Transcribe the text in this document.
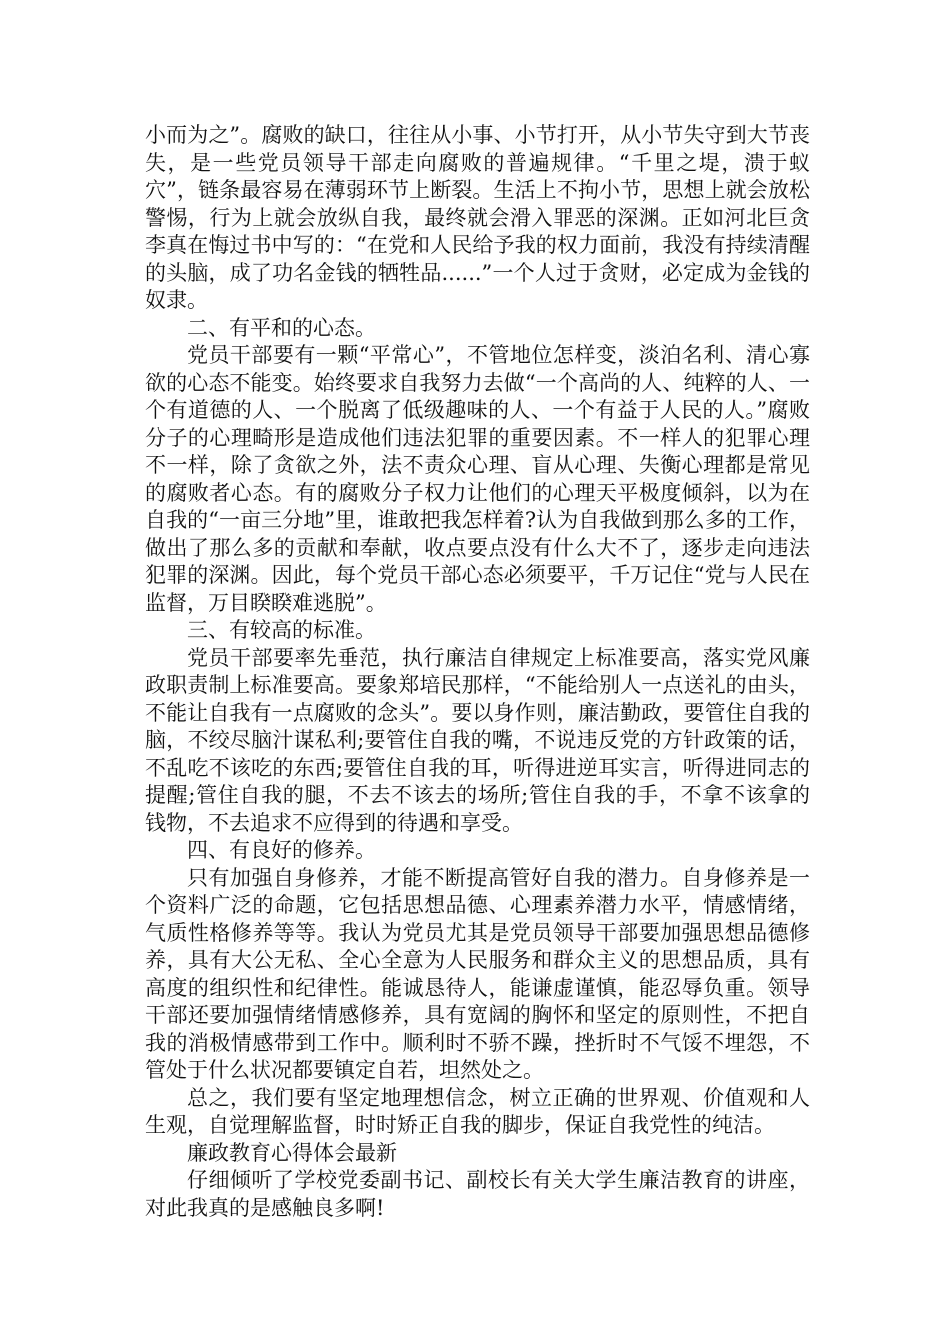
小而为之”。腐败的缺口，往往从小事、小节打开，从小节失守到大节丧失，是一些党员领导干部走向腐败的普遍规律。“千里之堤，溃于蚁穴”，链条最容易在薄弱环节上断裂。生活上不拘小节，思想上就会放松警惕，行为上就会放纵自我，最终就会滑入罪恶的深渊。正如河北巨贪李真在悔过书中写的：“在党和人民给予我的权力面前，我没有持续清醒的头脑，成了功名金钱的牺牲品......”一个人过于贪财，必定成为金钱的奴隶。

二、有平和的心态。

党员干部要有一颗“平常心”，不管地位怎样变，淡泊名利、清心寡欲的心态不能变。始终要求自我努力去做“一个高尚的人、纯粹的人、一个有道德的人、一个脱离了低级趣味的人、一个有益于人民的人。”腐败分子的心理畸形是造成他们违法犯罪的重要因素。不一样人的犯罪心理不一样，除了贪欲之外，法不责众心理、盲从心理、失衡心理都是常见的腐败者心态。有的腐败分子权力让他们的心理天平极度倾斜，以为在自我的“一亩三分地”里，谁敢把我怎样着?认为自我做到那么多的工作，做出了那么多的贡献和奉献，收点要点没有什么大不了，逐步走向违法犯罪的深渊。因此，每个党员干部心态必须要平，千万记住“党与人民在监督，万目睽睽难逃脱”。

三、有较高的标准。

党员干部要率先垂范，执行廉洁自律规定上标准要高，落实党风廉政职责制上标准要高。要象郑培民那样，“不能给别人一点送礼的由头，不能让自我有一点腐败的念头”。要以身作则，廉洁勤政，要管住自我的脑，不绞尽脑汁谋私利;要管住自我的嘴，不说违反党的方针政策的话，不乱吃不该吃的东西;要管住自我的耳，听得进逆耳实言，听得进同志的提醒;管住自我的腿，不去不该去的场所;管住自我的手，不拿不该拿的钱物，不去追求不应得到的待遇和享受。

四、有良好的修养。

只有加强自身修养，才能不断提高管好自我的潜力。自身修养是一个资料广泛的命题，它包括思想品德、心理素养潜力水平，情感情绪，气质性格修养等等。我认为党员尤其是党员领导干部要加强思想品德修养，具有大公无私、全心全意为人民服务和群众主义的思想品质，具有高度的组织性和纪律性。能诚恳待人，能谦虚谨慎，能忍辱负重。领导干部还要加强情绪情感修养，具有宽阔的胸怀和坚定的原则性，不把自我的消极情感带到工作中。顺利时不骄不躁，挫折时不气馁不埋怨，不管处于什么状况都要镇定自若，坦然处之。

总之，我们要有坚定地理想信念，树立正确的世界观、价值观和人生观，自觉理解监督，时时矫正自我的脚步，保证自我党性的纯洁。

廉政教育心得体会最新

仔细倾听了学校党委副书记、副校长有关大学生廉洁教育的讲座，对此我真的是感触良多啊!
